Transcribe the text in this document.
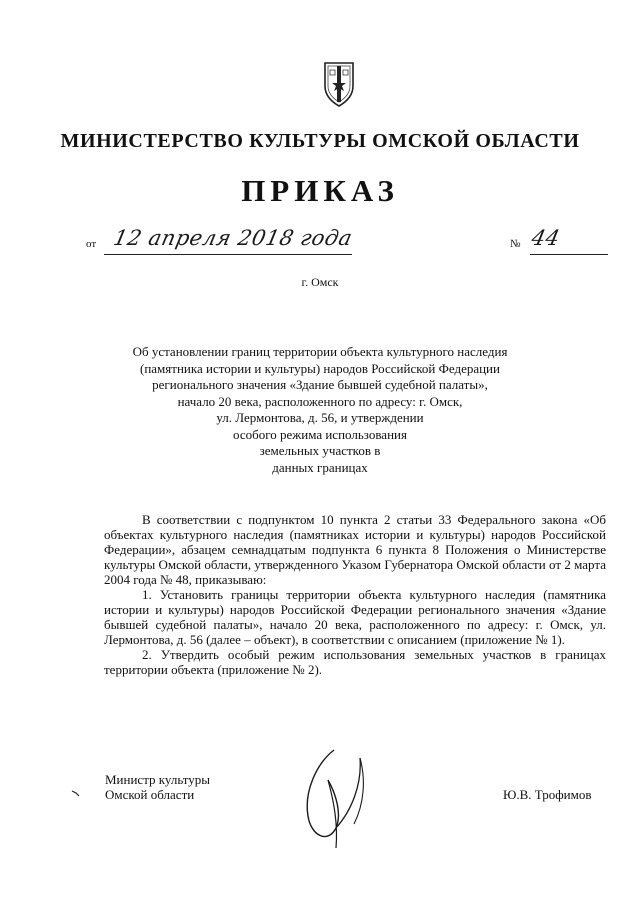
МИНИСТЕРСТВО КУЛЬТУРЫ ОМСКОЙ ОБЛАСТИ
ПРИКАЗ
от 12 апреля 2018 года	№ 44
г. Омск
Об установлении границ территории объекта культурного наследия
(памятника истории и культуры) народов Российской Федерации
регионального значения «Здание бывшей судебной палаты»,
начало 20 века, расположенного по адресу: г. Омск,
ул. Лермонтова, д. 56, и утверждении
особого режима использования
земельных участков в
данных границах

В соответствии с подпунктом 10 пункта 2 статьи 33 Федерального закона «Об объектах культурного наследия (памятниках истории и культуры) народов Российской Федерации», абзацем семнадцатым подпункта 6 пункта 8 Положения о Министерстве культуры Омской области, утвержденного Указом Губернатора Омской области от 2 марта 2004 года № 48, приказываю:

1. Установить границы территории объекта культурного наследия (памятника истории и культуры) народов Российской Федерации регионального значения «Здание бывшей судебной палаты», начало 20 века, расположенного по адресу: г. Омск, ул. Лермонтова, д. 56 (далее – объект), в соответствии с описанием (приложение № 1).

2. Утвердить особый режим использования земельных участков в границах территории объекта (приложение № 2).

Министр культуры
Омской области	Ю.В. Трофимов
